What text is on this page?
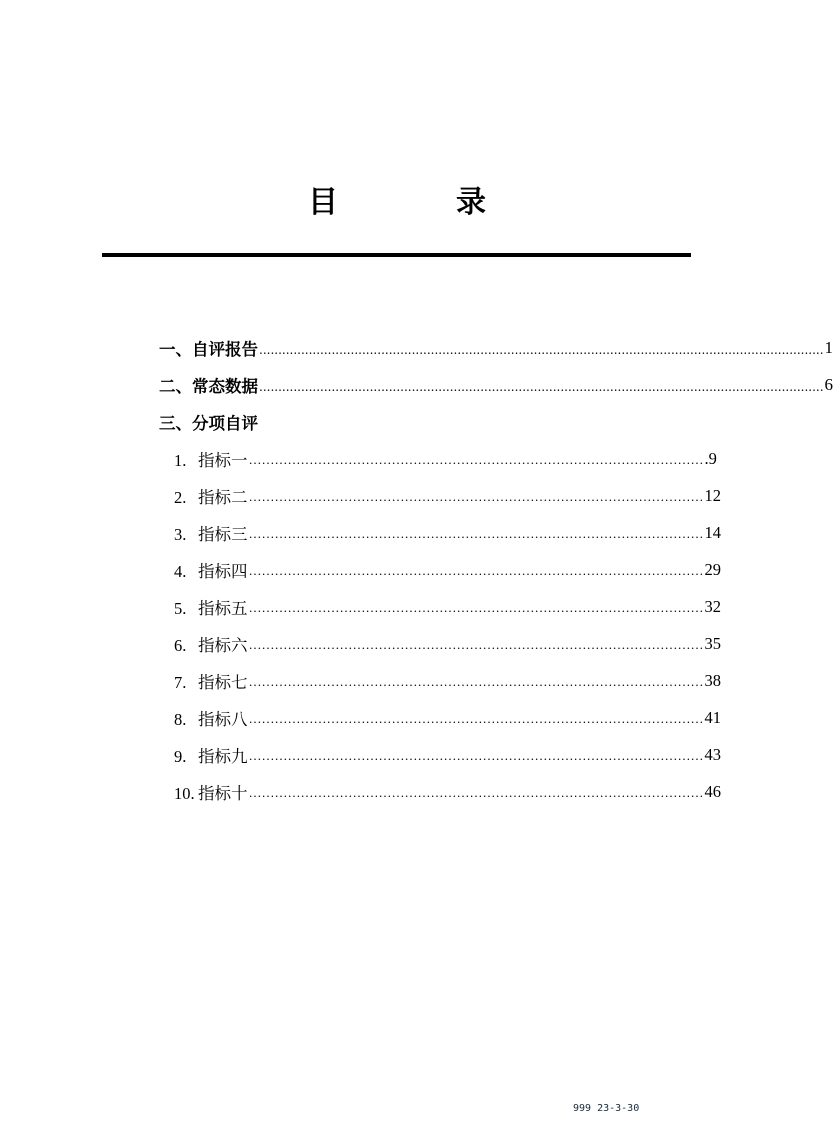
目	录
一、自评报告 .................................................................................................................................................... 1
二、常态数据 .................................................................................................................................................... 6
三、分项自评
1. 指标一 …………………………………………………………………………………………… .9
2. 指标二 …………………………………………………………………………………………… 12
3. 指标三 …………………………………………………………………………………………… 14
4. 指标四 …………………………………………………………………………………………… 29
5. 指标五 …………………………………………………………………………………………… 32
6. 指标六 …………………………………………………………………………………………… 35
7. 指标七 …………………………………………………………………………………………… 38
8. 指标八 …………………………………………………………………………………………… 41
9. 指标九 …………………………………………………………………………………………… 43
10. 指标十 …………………………………………………………………………………………… 46
999 23-3-30
